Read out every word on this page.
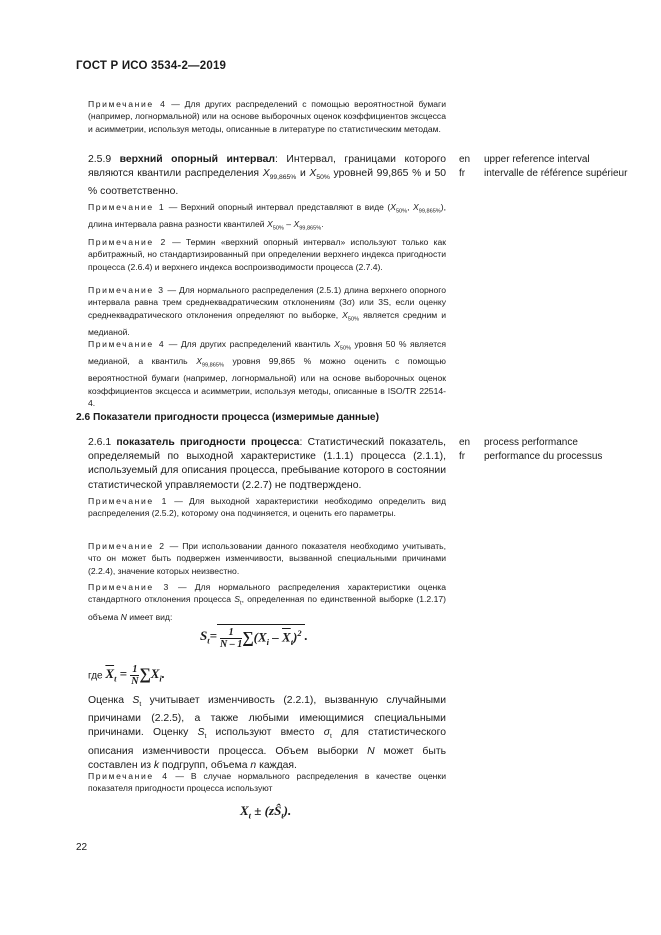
ГОСТ Р ИСО 3534-2—2019
Примечание 4 — Для других распределений с помощью вероятностной бумаги (например, логнормальной) или на основе выборочных оценок коэффициентов эксцесса и асимметрии, используя методы, описанные в литературе по статистическим методам.
2.5.9 верхний опорный интервал: Интервал, границами которого являются квантили распределения $X_{99,865\%}$ и $X_{50\%}$ уровней 99,865 % и 50 % соответственно.
en
fr
upper reference interval
intervalle de référence supérieur
Примечание 1 — Верхний опорный интервал представляют в виде ($X_{50\%}$, $X_{99,865\%}$), длина интервала равна разности квантилей $X_{50\%} - X_{99,865\%}$.
Примечание 2 — Термин «верхний опорный интервал» используют только как арбитражный, но стандартизированный при определении верхнего индекса пригодности процесса (2.6.4) и верхнего индекса воспроизводимости процесса (2.7.4).
Примечание 3 — Для нормального распределения (2.5.1) длина верхнего опорного интервала равна трем среднеквадратическим отклонениям (3σ) или 3S, если оценку среднеквадратического отклонения определяют по выборке, $X_{50\%}$ является средним и медианой.
Примечание 4 — Для других распределений квантиль $X_{50\%}$ уровня 50 % является медианой, а квантиль $X_{99,865\%}$ уровня 99,865 % можно оценить с помощью вероятностной бумаги (например, логнормальной) или на основе выборочных оценок коэффициентов эксцесса и асимметрии, используя методы, описанные в ISO/TR 22514-4.
2.6 Показатели пригодности процесса (измеримые данные)
2.6.1 показатель пригодности процесса: Статистический показатель, определяемый по выходной характеристике (1.1.1) процесса (2.1.1), используемый для описания процесса, пребывание которого в состоянии статистической управляемости (2.2.7) не подтверждено.
en
fr
process performance
performance du processus
Примечание 1 — Для выходной характеристики необходимо определить вид распределения (2.5.2), которому она подчиняется, и оценить его параметры.
Примечание 2 — При использовании данного показателя необходимо учитывать, что он может быть подвержен изменчивости, вызванной специальными причинами (2.2.4), значение которых неизвестно.
Примечание 3 — Для нормального распределения характеристики оценка стандартного отклонения процесса $S_t$, определенная по единственной выборке (1.2.17) объема N имеет вид:
$S_t= \frac{1}{N - 1} \sum(X_i - \overline{X}_t)^2$ .
где $\overline{X}_t = \frac{1}{N} \sum X_i$.
Оценка $S_t$ учитывает изменчивость (2.2.1), вызванную случайными причинами (2.2.5), а также любыми имеющимися специальными причинами. Оценку $S_t$ используют вместо $\sigma_t$ для статистического описания изменчивости процесса. Объем выборки N может быть составлен из k подгрупп, объема n каждая.
Примечание 4 — В случае нормального распределения в качестве оценки показателя пригодности процесса используют
$X_t$ ± $(zŜ_t)$.
22
